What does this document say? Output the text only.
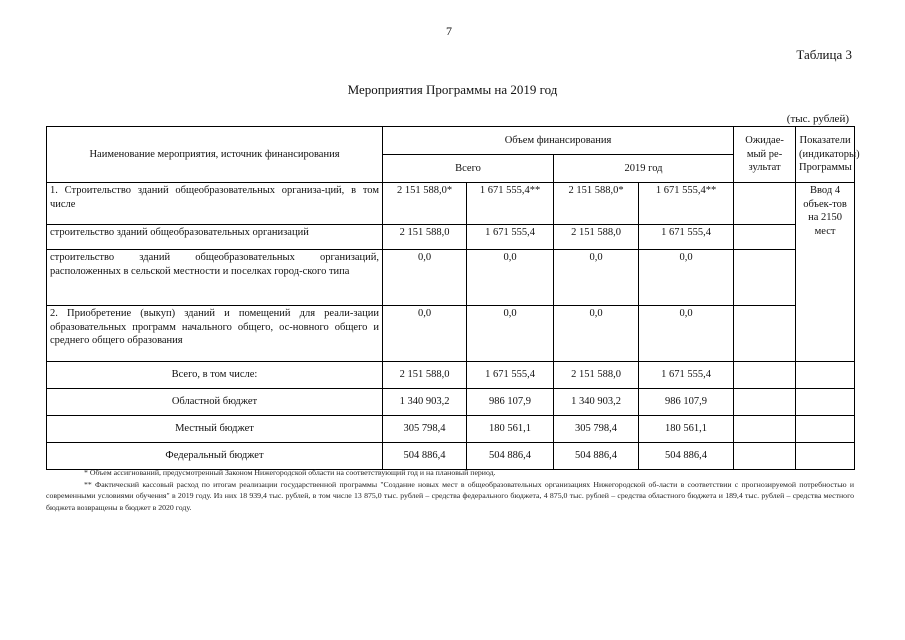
7
Таблица 3
Мероприятия Программы на 2019 год
(тыс. рублей)
Наименование мероприятия, источник финансирования	Объем финансирования				Ожидае-мый ре-зультат	Показатели (индикаторы) Программы
	Всего		2019 год			
1. Строительство зданий общеобразовательных организа-ций, в том числе	2 151 588,0*	1 671 555,4**	2 151 588,0*	1 671 555,4**		Ввод 4 объек-тов на 2150 мест
строительство зданий общеобразовательных организаций	2 151 588,0	1 671 555,4	2 151 588,0	1 671 555,4		
строительство зданий общеобразовательных организаций, расположенных в сельской местности и поселках город-ского типа	0,0	0,0	0,0	0,0		
2. Приобретение (выкуп) зданий и помещений для реали-зации образовательных программ начального общего, ос-новного общего и среднего общего образования	0,0	0,0	0,0	0,0		
Всего, в том числе:	2 151 588,0	1 671 555,4	2 151 588,0	1 671 555,4		
Областной бюджет	1 340 903,2	986 107,9	1 340 903,2	986 107,9		
Местный бюджет	305 798,4	180 561,1	305 798,4	180 561,1		
Федеральный бюджет	504 886,4	504 886,4	504 886,4	504 886,4		
* Объем ассигнований, предусмотренный Законом Нижегородской области на соответствующий год и на плановый период.
** Фактический кассовый расход по итогам реализации государственной программы "Создание новых мест в общеобразовательных организациях Нижегородской об-ласти в соответствии с прогнозируемой потребностью и современными условиями обучения" в 2019 году. Из них 18 939,4 тыс. рублей, в том числе 13 875,0 тыс. рублей – средства федерального бюджета, 4 875,0 тыс. рублей – средства областного бюджета и 189,4 тыс. рублей – средства местного бюджета возвращены в бюджет в 2020 году.
